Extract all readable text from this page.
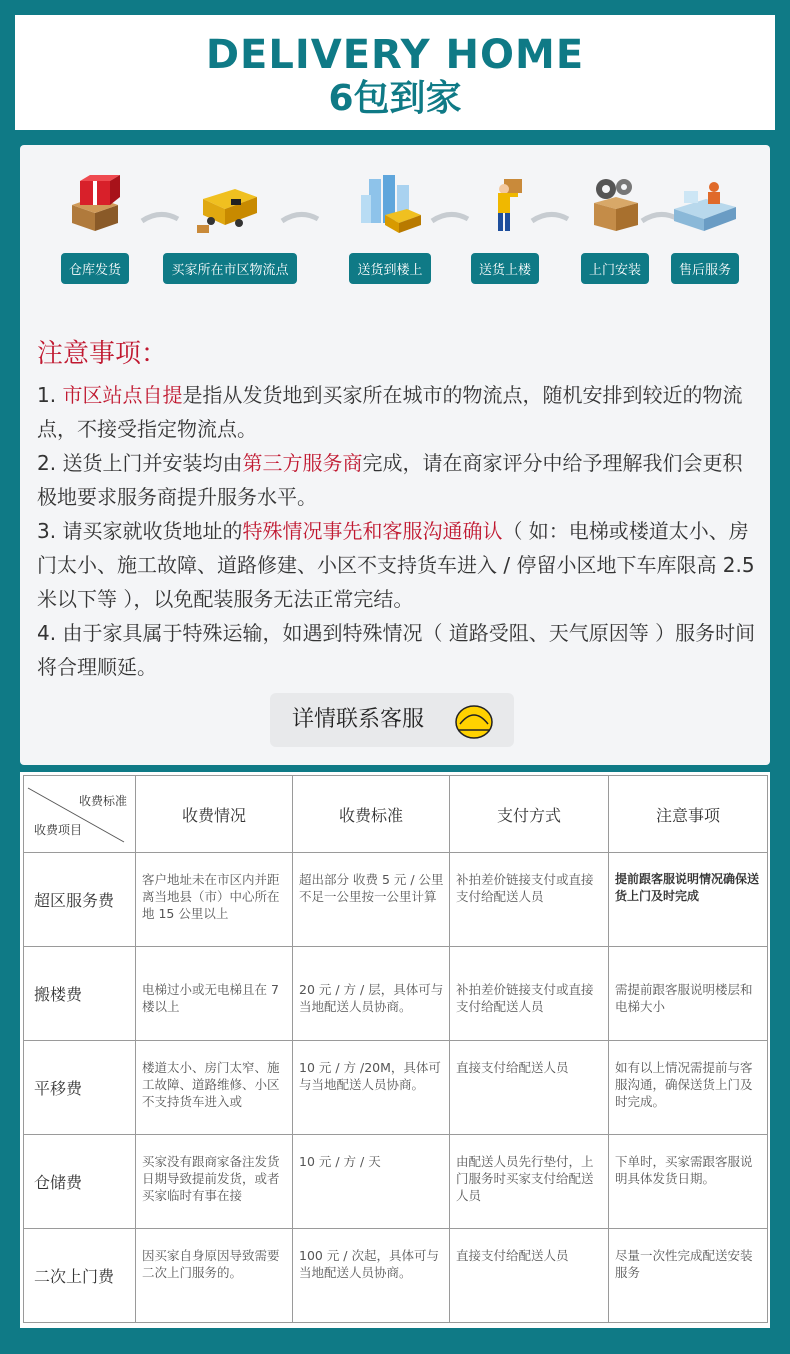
DELIVERY HOME
6包到家
仓库发货	买家所在市区物流点	送货到楼上	送货上楼	上门安装	售后服务
注意事项：

1. 市区站点自提是指从发货地到买家所在城市的物流点，随机安排到较近的物流点，不接受指定物流点。

2. 送货上门并安装均由第三方服务商完成，请在商家评分中给予理解我们会更积极地要求服务商提升服务水平。

3. 请买家就收货地址的特殊情况事先和客服沟通确认（ 如：电梯或楼道太小、房门太小、施工故障、道路修建、小区不支持货车进入 / 停留小区地下车库限高 2.5 米以下等 ），以免配装服务无法正常完结。

4. 由于家具属于特殊运输，如遇到特殊情况（ 道路受阻、天气原因等 ）服务时间将合理顺延。

详情联系客服
收费标准
收费项目	收费情况	收费标准	支付方式	注意事项
超区服务费	客户地址未在市区内并距离当地县（市）中心所在地 15 公里以上	超出部分 收费 5 元 / 公里 不足一公里按一公里计算	补拍差价链接支付或直接支付给配送人员	提前跟客服说明情况确保送货上门及时完成
搬楼费	电梯过小或无电梯且在 7 楼以上	20 元 / 方 / 层，具体可与当地配送人员协商。	补拍差价链接支付或直接支付给配送人员	需提前跟客服说明楼层和电梯大小
平移费	楼道太小、房门太窄、施工故障、道路维修、小区不支持货车进入或	10 元 / 方 /20M，具体可与当地配送人员协商。	直接支付给配送人员	如有以上情况需提前与客服沟通，确保送货上门及时完成。
仓储费	买家没有跟商家备注发货日期导致提前发货，或者买家临时有事在接	10 元 / 方 / 天	由配送人员先行垫付，上门服务时买家支付给配送人员	下单时，买家需跟客服说明具体发货日期。
二次上门费	因买家自身原因导致需要二次上门服务的。	100 元 / 次起，具体可与当地配送人员协商。	直接支付给配送人员	尽量一次性完成配送安装服务
